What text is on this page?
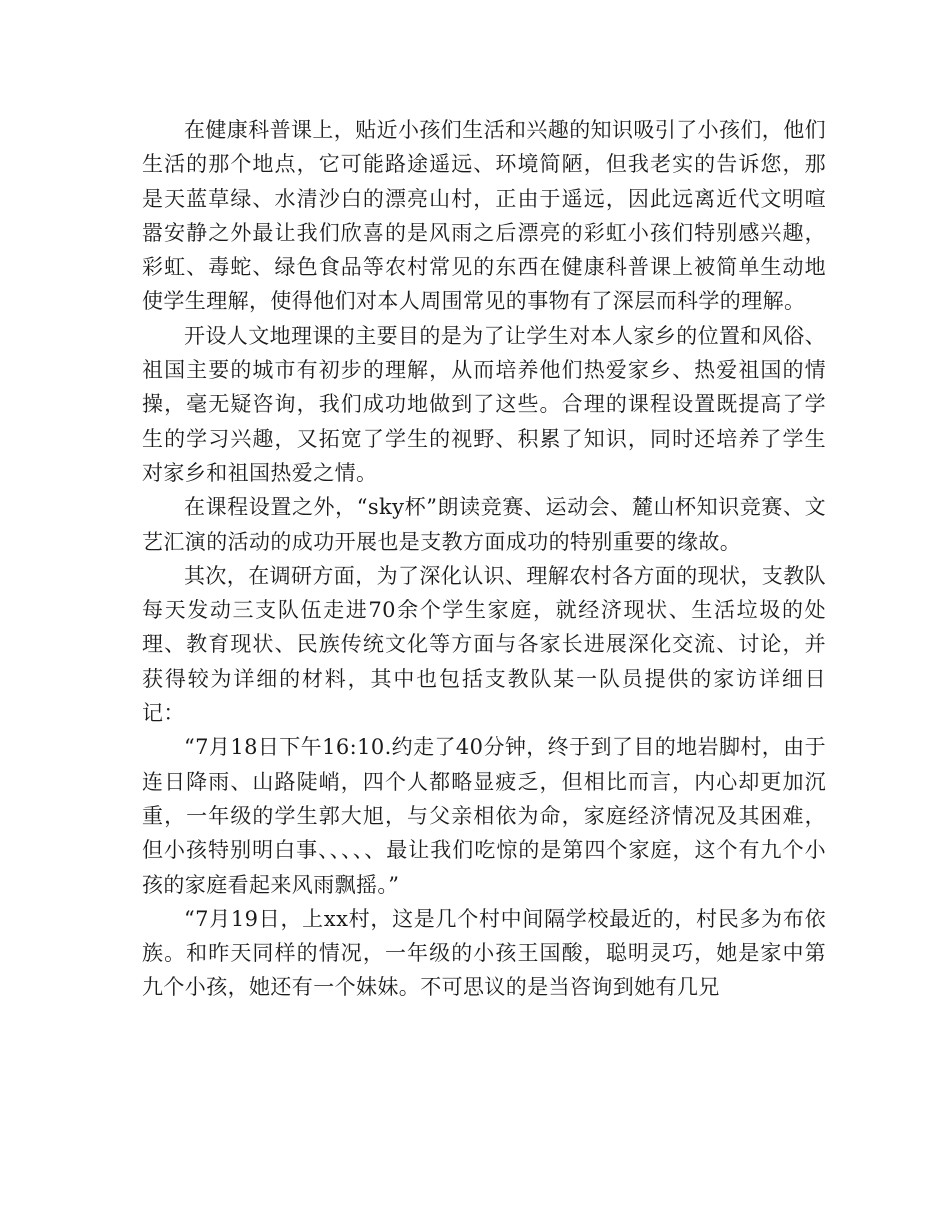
在健康科普课上，贴近小孩们生活和兴趣的知识吸引了小孩们，他们生活的那个地点，它可能路途遥远、环境简陋，但我老实的告诉您，那是天蓝草绿、水清沙白的漂亮山村，正由于遥远，因此远离近代文明喧嚣安静之外最让我们欣喜的是风雨之后漂亮的彩虹小孩们特别感兴趣，彩虹、毒蛇、绿色食品等农村常见的东西在健康科普课上被简单生动地使学生理解，使得他们对本人周围常见的事物有了深层而科学的理解。

开设人文地理课的主要目的是为了让学生对本人家乡的位置和风俗、祖国主要的城市有初步的理解，从而培养他们热爱家乡、热爱祖国的情操，毫无疑咨询，我们成功地做到了这些。合理的课程设置既提高了学生的学习兴趣，又拓宽了学生的视野、积累了知识，同时还培养了学生对家乡和祖国热爱之情。

在课程设置之外，“sky杯”朗读竞赛、运动会、麓山杯知识竞赛、文艺汇演的活动的成功开展也是支教方面成功的特别重要的缘故。

其次，在调研方面，为了深化认识、理解农村各方面的现状，支教队每天发动三支队伍走进70余个学生家庭，就经济现状、生活垃圾的处理、教育现状、民族传统文化等方面与各家长进展深化交流、讨论，并获得较为详细的材料，其中也包括支教队某一队员提供的家访详细日记：

“7月18日下午16:10.约走了40分钟，终于到了目的地岩脚村，由于连日降雨、山路陡峭，四个人都略显疲乏，但相比而言，内心却更加沉重，一年级的学生郭大旭，与父亲相依为命，家庭经济情况及其困难，但小孩特别明白事、、、、、最让我们吃惊的是第四个家庭，这个有九个小孩的家庭看起来风雨飘摇。”

“7月19日，上xx村，这是几个村中间隔学校最近的，村民多为布依族。和昨天同样的情况，一年级的小孩王国酸，聪明灵巧，她是家中第九个小孩，她还有一个妹妹。不可思议的是当咨询到她有几兄
